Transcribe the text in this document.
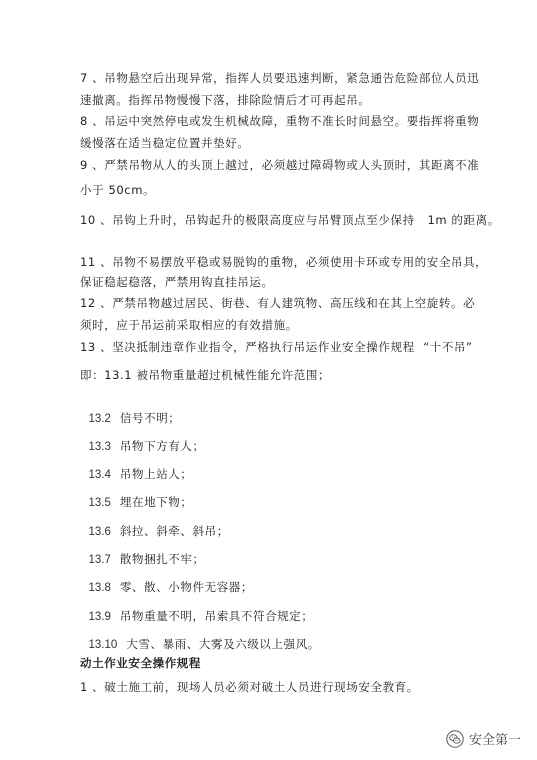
7 、吊物悬空后出现异常，指挥人员要迅速判断，紧急通告危险部位人员迅
速撤离。指挥吊物慢慢下落，排除险情后才可再起吊。
8 、吊运中突然停电或发生机械故障，重物不准长时间悬空。要指挥将重物
缓慢落在适当稳定位置并垫好。
9 、严禁吊物从人的头顶上越过，必须越过障碍物或人头顶时，其距离不准
小于 50cm。
10 、吊钩上升时，吊钩起升的极限高度应与吊臂顶点至少保持   1m 的距离。
11 、吊物不易摆放平稳或易脱钩的重物，必须使用卡环或专用的安全吊具，
保证稳起稳落，严禁用钩直挂吊运。
12 、严禁吊物越过居民、街巷、有人建筑物、高压线和在其上空旋转。必
须时，应于吊运前采取相应的有效措施。
13 、坚决抵制违章作业指令，严格执行吊运作业安全操作规程  “十不吊”
即：13.1 被吊物重量超过机械性能允许范围；

13.2 信号不明；

13.3 吊物下方有人；

13.4 吊物上站人；

13.5 埋在地下物；

13.6 斜拉、斜牵、斜吊；

13.7 散物捆扎不牢；

13.8 零、散、小物件无容器；

13.9 吊物重量不明，吊索具不符合规定；

13.10 大雪、暴雨、大雾及六级以上强风。

动土作业安全操作规程
1 、破土施工前，现场人员必须对破土人员进行现场安全教育。
安全第一
